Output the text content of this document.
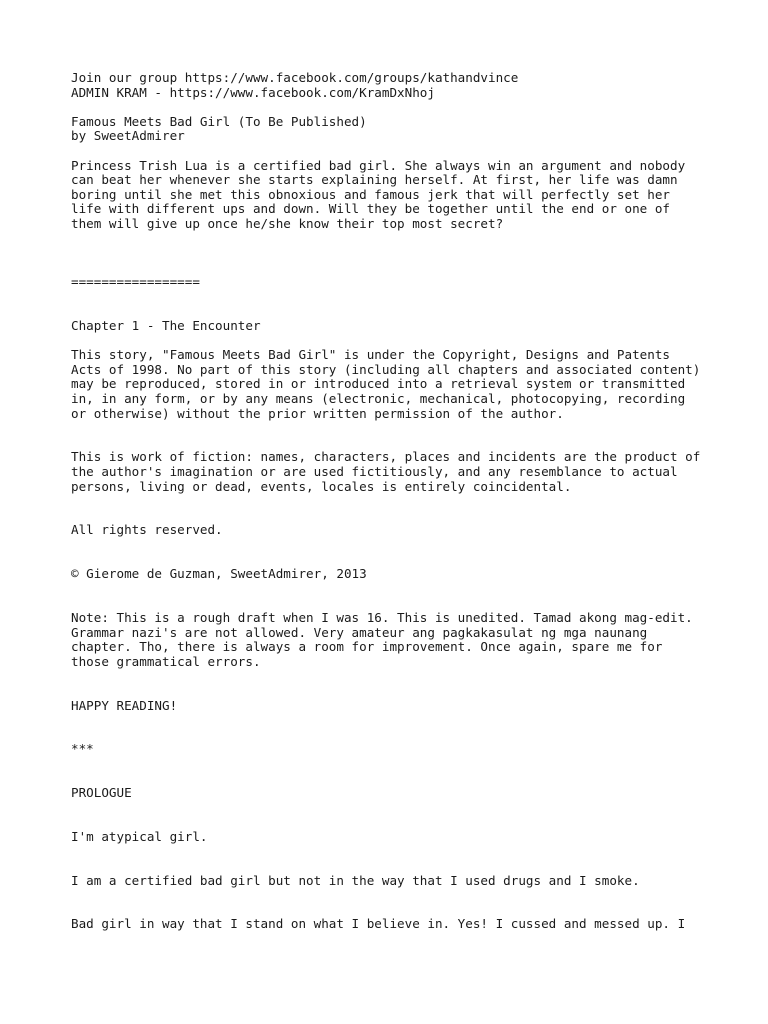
Join our group https://www.facebook.com/groups/kathandvince
ADMIN KRAM - https://www.facebook.com/KramDxNhoj
Famous Meets Bad Girl (To Be Published)
by SweetAdmirer
Princess Trish Lua is a certified bad girl. She always win an argument and nobody
can beat her whenever she starts explaining herself. At first, her life was damn
boring until she met this obnoxious and famous jerk that will perfectly set her
life with different ups and down. Will they be together until the end or one of
them will give up once he/she know their top most secret?
=================
Chapter 1 - The Encounter
This story, "Famous Meets Bad Girl" is under the Copyright, Designs and Patents
Acts of 1998. No part of this story (including all chapters and associated content)
may be reproduced, stored in or introduced into a retrieval system or transmitted
in, in any form, or by any means (electronic, mechanical, photocopying, recording
or otherwise) without the prior written permission of the author.
This is work of fiction: names, characters, places and incidents are the product of
the author's imagination or are used fictitiously, and any resemblance to actual
persons, living or dead, events, locales is entirely coincidental.
All rights reserved.
© Gierome de Guzman, SweetAdmirer, 2013
Note: This is a rough draft when I was 16. This is unedited. Tamad akong mag-edit.
Grammar nazi's are not allowed. Very amateur ang pagkakasulat ng mga naunang
chapter. Tho, there is always a room for improvement. Once again, spare me for
those grammatical errors.
HAPPY READING!
***
PROLOGUE
I'm atypical girl.
I am a certified bad girl but not in the way that I used drugs and I smoke.
Bad girl in way that I stand on what I believe in. Yes! I cussed and messed up. I
